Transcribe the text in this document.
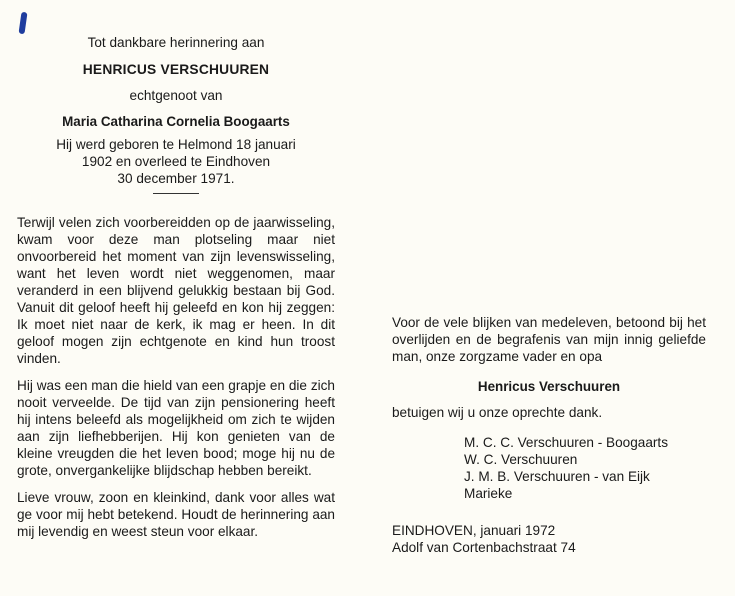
Tot dankbare herinnering aan
HENRICUS VERSCHUUREN
echtgenoot van
Maria Catharina Cornelia Boogaarts
Hij werd geboren te Helmond 18 januari
1902 en overleed te Eindhoven
30 december 1971.

Terwijl velen zich voorbereidden op de jaarwisseling, kwam voor deze man plotseling maar niet onvoorbereid het moment van zijn levenswisseling, want het leven wordt niet weggenomen, maar veranderd in een blijvend gelukkig bestaan bij God. Vanuit dit geloof heeft hij geleefd en kon hij zeggen: Ik moet niet naar de kerk, ik mag er heen. In dit geloof mogen zijn echtgenote en kind hun troost vinden.

Hij was een man die hield van een grapje en die zich nooit verveelde. De tijd van zijn pensionering heeft hij intens beleefd als mogelijkheid om zich te wijden aan zijn liefhebberijen. Hij kon genieten van de kleine vreugden die het leven bood; moge hij nu de grote, onvergankelijke blijdschap hebben bereikt.

Lieve vrouw, zoon en kleinkind, dank voor alles wat ge voor mij hebt betekend. Houdt de herinnering aan mij levendig en weest steun voor elkaar.

Voor de vele blijken van medeleven, betoond bij het overlijden en de begrafenis van mijn innig geliefde man, onze zorgzame vader en opa

Henricus Verschuuren
betuigen wij u onze oprechte dank.
M. C. C. Verschuuren - Boogaarts
W. C. Verschuuren
J. M. B. Verschuuren - van Eijk
Marieke
EINDHOVEN, januari 1972
Adolf van Cortenbachstraat 74
